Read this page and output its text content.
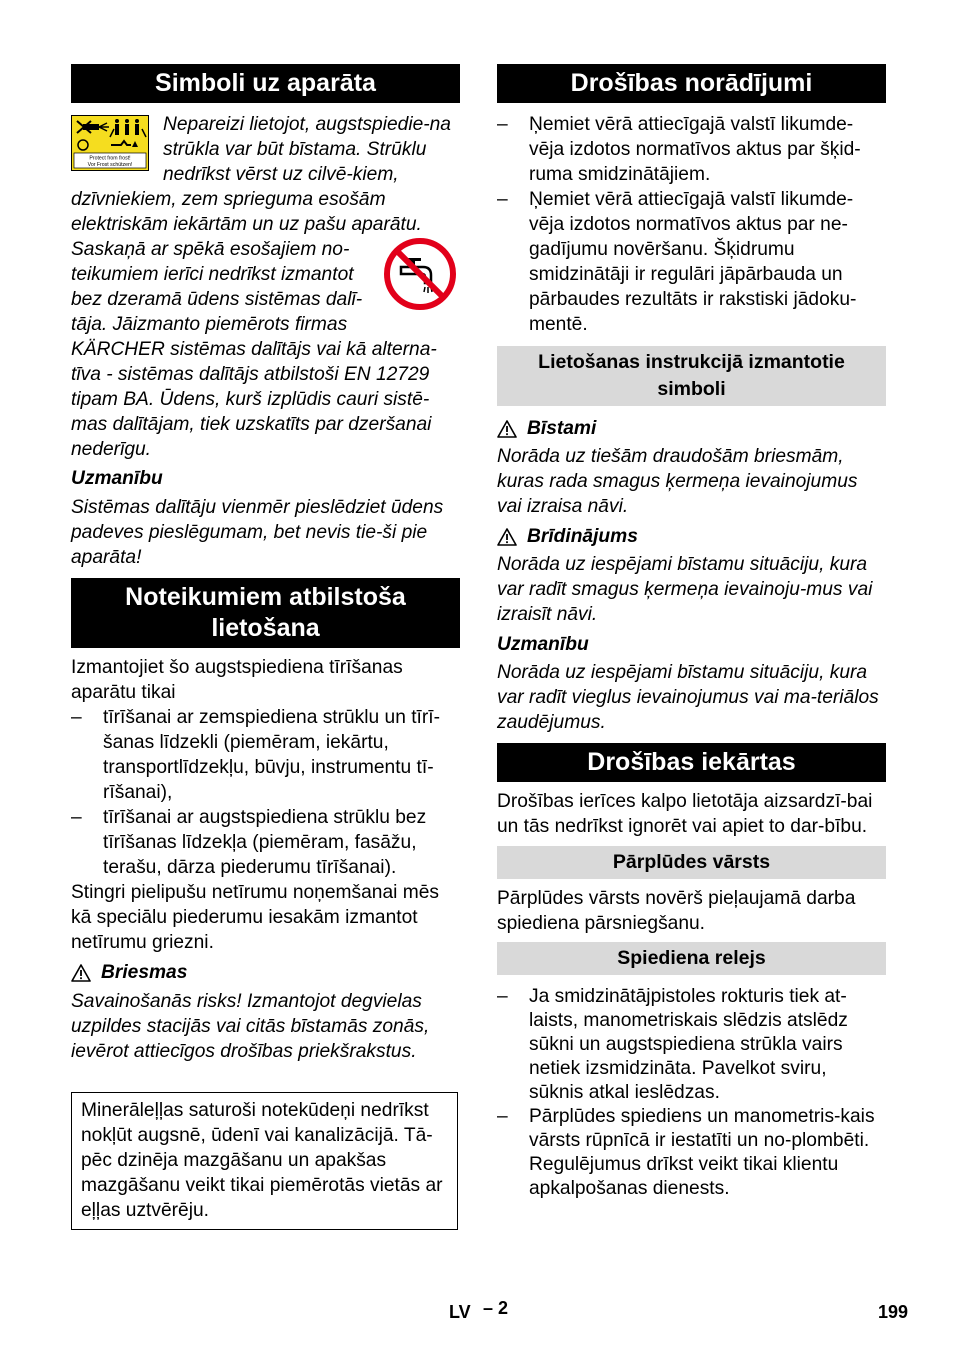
Simboli uz aparāta
Protect from frost!
Vor Frost schützen!

Nepareizi lietojot, augstspiedie-na strūkla var būt bīstama. Strūklu nedrīkst vērst uz cilvē-kiem, dzīvniekiem, zem sprieguma esošām elektriskām iekārtām un uz pašu aparātu.

Saskaņā ar spēkā esošajiem no-teikumiem ierīci nedrīkst izmantot bez dzeramā ūdens sistēmas dalī-tāja. Jāizmanto piemērots firmas KÄRCHER sistēmas dalītājs vai kā alterna-tīva - sistēmas dalītājs atbilstoši EN 12729 tipam BA. Ūdens, kurš izplūdis cauri sistē-mas dalītājam, tiek uzskatīts par dzeršanai nederīgu.

Uzmanību

Sistēmas dalītāju vienmēr pieslēdziet ūdens padeves pieslēgumam, bet nevis tie-ši pie aparāta!

Noteikumiem atbilstoša lietošana

Izmantojiet šo augstspiediena tīrīšanas aparātu tikai

– tīrīšanai ar zemspiediena strūklu un tīrī-šanas līdzekli (piemēram, iekārtu, transportlīdzekļu, būvju, instrumentu tī-rīšanai),
– tīrīšanai ar augstspiediena strūklu bez tīrīšanas līdzekļa (piemēram, fasāžu, terašu, dārza piederumu tīrīšanai).

Stingri pielipušu netīrumu noņemšanai mēs kā speciālu piederumu iesakām izmantot netīrumu griezni.

Briesmas

Savainošanās risks! Izmantojot degvielas uzpildes stacijās vai citās bīstamās zonās, ievērot attiecīgos drošības priekšrakstus.

Minerāleļļas saturoši notekūdeņi nedrīkst nokļūt augsnē, ūdenī vai kanalizācijā. Tā-pēc dzinēja mazgāšanu un apakšas mazgāšanu veikt tikai piemērotās vietās ar eļļas uztvērēju.

Drošības norādījumi
– Ņemiet vērā attiecīgajā valstī likumde-vēja izdotos normatīvos aktus par šķid-ruma smidzinātājiem.
– Ņemiet vērā attiecīgajā valstī likumde-vēja izdotos normatīvos aktus par ne-gadījumu novēršanu. Šķidrumu smidzinātāji ir regulāri jāpārbauda un pārbaudes rezultāts ir rakstiski jādoku-mentē.
Lietošanas instrukcijā izmantotie simboli
Bīstami

Norāda uz tiešām draudošām briesmām, kuras rada smagus ķermeņa ievainojumus vai izraisa nāvi.

Brīdinājums

Norāda uz iespējami bīstamu situāciju, kura var radīt smagus ķermeņa ievainoju-mus vai izraisīt nāvi.

Uzmanību

Norāda uz iespējami bīstamu situāciju, kura var radīt vieglus ievainojumus vai ma-teriālos zaudējumus.

Drošības iekārtas

Drošības ierīces kalpo lietotāja aizsardzī-bai un tās nedrīkst ignorēt vai apiet to dar-bību.

Pārplūdes vārsts

Pārplūdes vārsts novērš pieļaujamā darba spiediena pārsniegšanu.

Spiediena relejs
– Ja smidzinātājpistoles rokturis tiek at-laists, manometriskais slēdzis atslēdz sūkni un augstspiediena strūkla vairs netiek izsmidzināta. Pavelkot sviru, sūknis atkal ieslēdzas.
– Pārplūdes spiediens un manometris-kais vārsts rūpnīcā ir iestatīti un no-plombēti. Regulējumus drīkst veikt tikai klientu apkalpošanas dienests.
LV – 2	199
